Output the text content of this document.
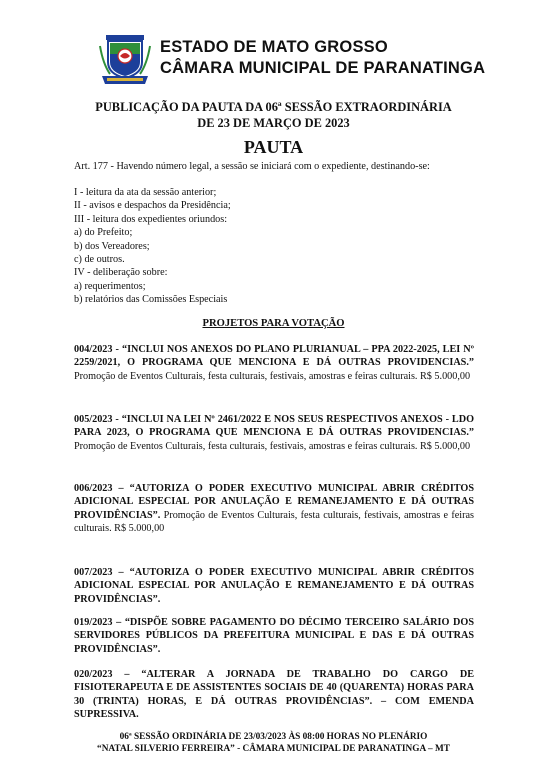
ESTADO DE MATO GROSSO
CÂMARA MUNICIPAL DE PARANATINGA
PUBLICAÇÃO DA PAUTA DA 06ª SESSÃO EXTRAORDINÁRIA
DE 23 DE MARÇO DE 2023
PAUTA
Art. 177 - Havendo número legal, a sessão se iniciará com o expediente, destinando-se:
I - leitura da ata da sessão anterior;
II - avisos e despachos da Presidência;
III - leitura dos expedientes oriundos:
a) do Prefeito;
b) dos Vereadores;
c) de outros.
IV - deliberação sobre:
a) requerimentos;
b) relatórios das Comissões Especiais
PROJETOS PARA VOTAÇÃO
004/2023 - “INCLUI NOS ANEXOS DO PLANO PLURIANUAL – PPA 2022-2025, LEI Nº 2259/2021, O PROGRAMA QUE MENCIONA E DÁ OUTRAS PROVIDENCIAS.” Promoção de Eventos Culturais, festa culturais, festivais, amostras e feiras culturais. R$ 5.000,00
005/2023 - “INCLUI NA LEI Nº 2461/2022 E NOS SEUS RESPECTIVOS ANEXOS - LDO PARA 2023, O PROGRAMA QUE MENCIONA E DÁ OUTRAS PROVIDENCIAS.” Promoção de Eventos Culturais, festa culturais, festivais, amostras e feiras culturais. R$ 5.000,00
006/2023 – “AUTORIZA O PODER EXECUTIVO MUNICIPAL ABRIR CRÉDITOS ADICIONAL ESPECIAL POR ANULAÇÃO E REMANEJAMENTO E DÁ OUTRAS PROVIDÊNCIAS”. Promoção de Eventos Culturais, festa culturais, festivais, amostras e feiras culturais. R$ 5.000,00
007/2023 – “AUTORIZA O PODER EXECUTIVO MUNICIPAL ABRIR CRÉDITOS ADICIONAL ESPECIAL POR ANULAÇÃO E REMANEJAMENTO E DÁ OUTRAS PROVIDÊNCIAS”.
019/2023 – “DISPÕE SOBRE PAGAMENTO DO DÉCIMO TERCEIRO SALÁRIO DOS SERVIDORES PÚBLICOS DA PREFEITURA MUNICIPAL E DAS E DÁ OUTRAS PROVIDÊNCIAS”.
020/2023 – “ALTERAR A JORNADA DE TRABALHO DO CARGO DE FISIOTERAPEUTA E DE ASSISTENTES SOCIAIS DE 40 (QUARENTA) HORAS PARA 30 (TRINTA) HORAS, E DÁ OUTRAS PROVIDÊNCIAS”. – COM EMENDA SUPRESSIVA.
06ª SESSÃO ORDINÁRIA DE 23/03/2023 ÀS 08:00 HORAS NO PLENÁRIO
“NATAL SILVERIO FERREIRA” - CÂMARA MUNICIPAL DE PARANATINGA – MT
